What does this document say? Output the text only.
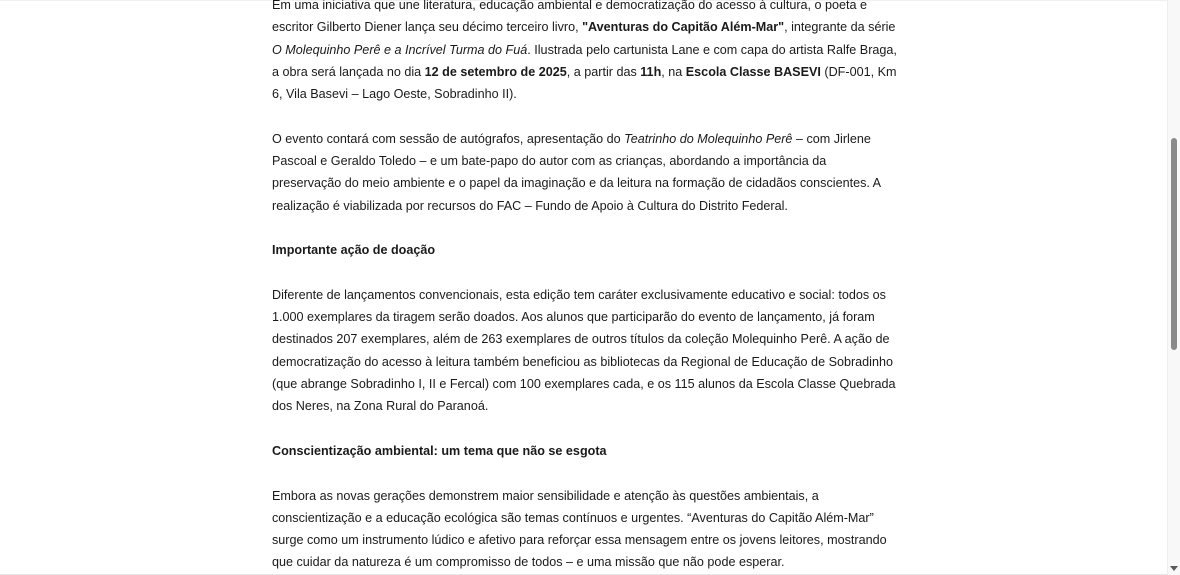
Em uma iniciativa que une literatura, educação ambiental e democratização do acesso à cultura, o poeta e escritor Gilberto Diener lança seu décimo terceiro livro, "Aventuras do Capitão Além-Mar", integrante da série O Molequinho Perê e a Incrível Turma do Fuá. Ilustrada pelo cartunista Lane e com capa do artista Ralfe Braga, a obra será lançada no dia 12 de setembro de 2025, a partir das 11h, na Escola Classe BASEVI (DF-001, Km 6, Vila Basevi – Lago Oeste, Sobradinho II).

O evento contará com sessão de autógrafos, apresentação do Teatrinho do Molequinho Perê – com Jirlene Pascoal e Geraldo Toledo – e um bate-papo do autor com as crianças, abordando a importância da preservação do meio ambiente e o papel da imaginação e da leitura na formação de cidadãos conscientes. A realização é viabilizada por recursos do FAC – Fundo de Apoio à Cultura do Distrito Federal.

Importante ação de doação

Diferente de lançamentos convencionais, esta edição tem caráter exclusivamente educativo e social: todos os 1.000 exemplares da tiragem serão doados. Aos alunos que participarão do evento de lançamento, já foram destinados 207 exemplares, além de 263 exemplares de outros títulos da coleção Molequinho Perê. A ação de democratização do acesso à leitura também beneficiou as bibliotecas da Regional de Educação de Sobradinho (que abrange Sobradinho I, II e Fercal) com 100 exemplares cada, e os 115 alunos da Escola Classe Quebrada dos Neres, na Zona Rural do Paranoá.

Conscientização ambiental: um tema que não se esgota

Embora as novas gerações demonstrem maior sensibilidade e atenção às questões ambientais, a conscientização e a educação ecológica são temas contínuos e urgentes. “Aventuras do Capitão Além-Mar” surge como um instrumento lúdico e afetivo para reforçar essa mensagem entre os jovens leitores, mostrando que cuidar da natureza é um compromisso de todos – e uma missão que não pode esperar.
